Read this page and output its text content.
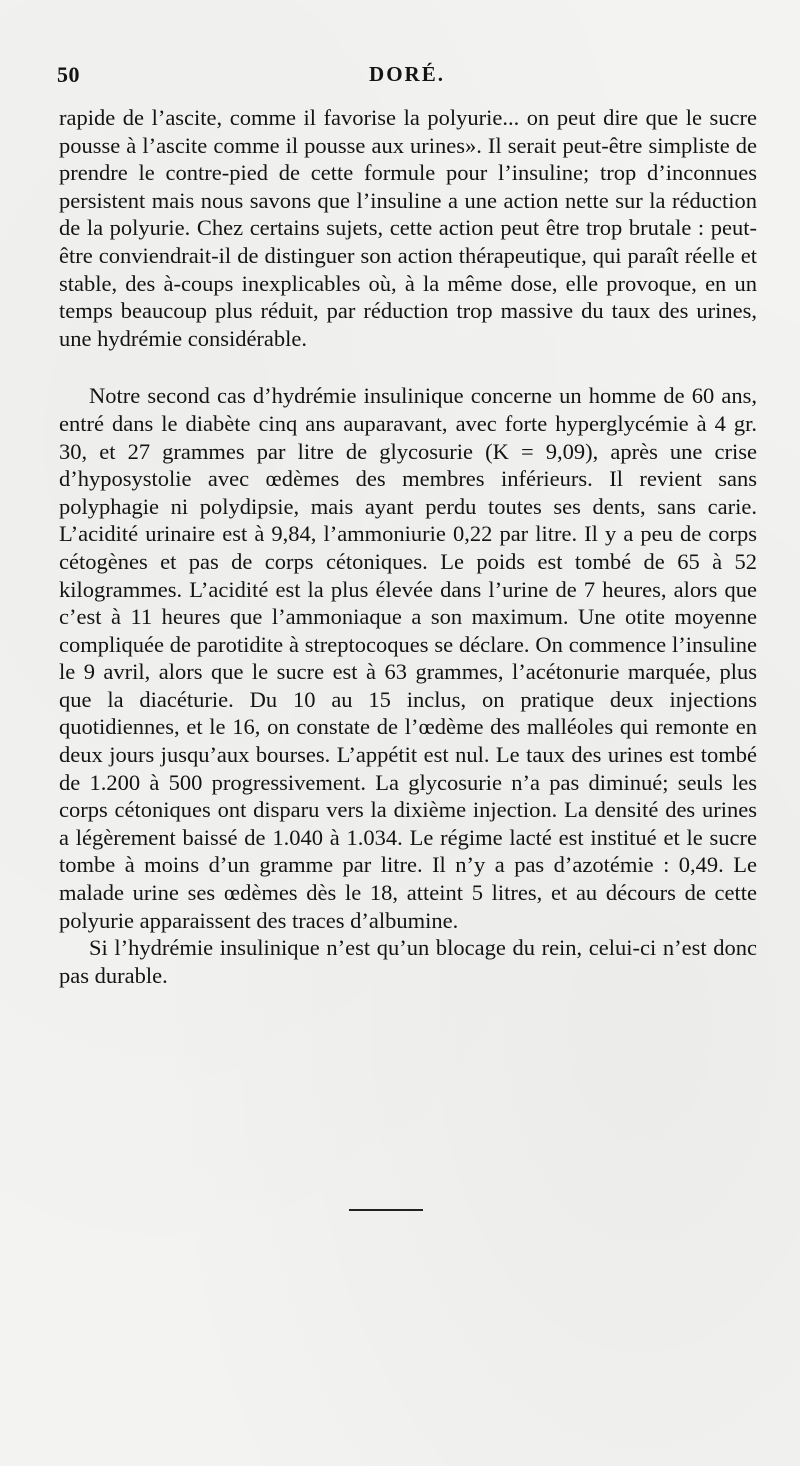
50	DORÉ.

rapide de l’ascite, comme il favorise la polyurie... on peut dire que le sucre pousse à l’ascite comme il pousse aux urines». Il serait peut-être simpliste de prendre le contre-pied de cette formule pour l’insuline; trop d’inconnues persistent mais nous savons que l’insuline a une action nette sur la réduction de la polyurie. Chez certains sujets, cette action peut être trop brutale : peut-être conviendrait-il de distinguer son action thérapeutique, qui paraît réelle et stable, des à-coups inexplicables où, à la même dose, elle provoque, en un temps beaucoup plus réduit, par réduction trop massive du taux des urines, une hydrémie considérable.

Notre second cas d’hydrémie insulinique concerne un homme de 60 ans, entré dans le diabète cinq ans auparavant, avec forte hyperglycémie à 4 gr. 30, et 27 grammes par litre de glycosurie (K = 9,09), après une crise d’hyposystolie avec œdèmes des membres inférieurs. Il revient sans polyphagie ni polydipsie, mais ayant perdu toutes ses dents, sans carie. L’acidité urinaire est à 9,84, l’ammoniurie 0,22 par litre. Il y a peu de corps cétogènes et pas de corps cétoniques. Le poids est tombé de 65 à 52 kilogrammes. L’acidité est la plus élevée dans l’urine de 7 heures, alors que c’est à 11 heures que l’ammoniaque a son maximum. Une otite moyenne compliquée de parotidite à streptocoques se déclare. On commence l’insuline le 9 avril, alors que le sucre est à 63 grammes, l’acétonurie marquée, plus que la diacéturie. Du 10 au 15 inclus, on pratique deux injections quotidiennes, et le 16, on constate de l’œdème des malléoles qui remonte en deux jours jusqu’aux bourses. L’appétit est nul. Le taux des urines est tombé de 1.200 à 500 progressivement. La glycosurie n’a pas diminué; seuls les corps cétoniques ont disparu vers la dixième injection. La densité des urines a légèrement baissé de 1.040 à 1.034. Le régime lacté est institué et le sucre tombe à moins d’un gramme par litre. Il n’y a pas d’azotémie : 0,49. Le malade urine ses œdèmes dès le 18, atteint 5 litres, et au décours de cette polyurie apparaissent des traces d’albumine.

Si l’hydrémie insulinique n’est qu’un blocage du rein, celui-ci n’est donc pas durable.
